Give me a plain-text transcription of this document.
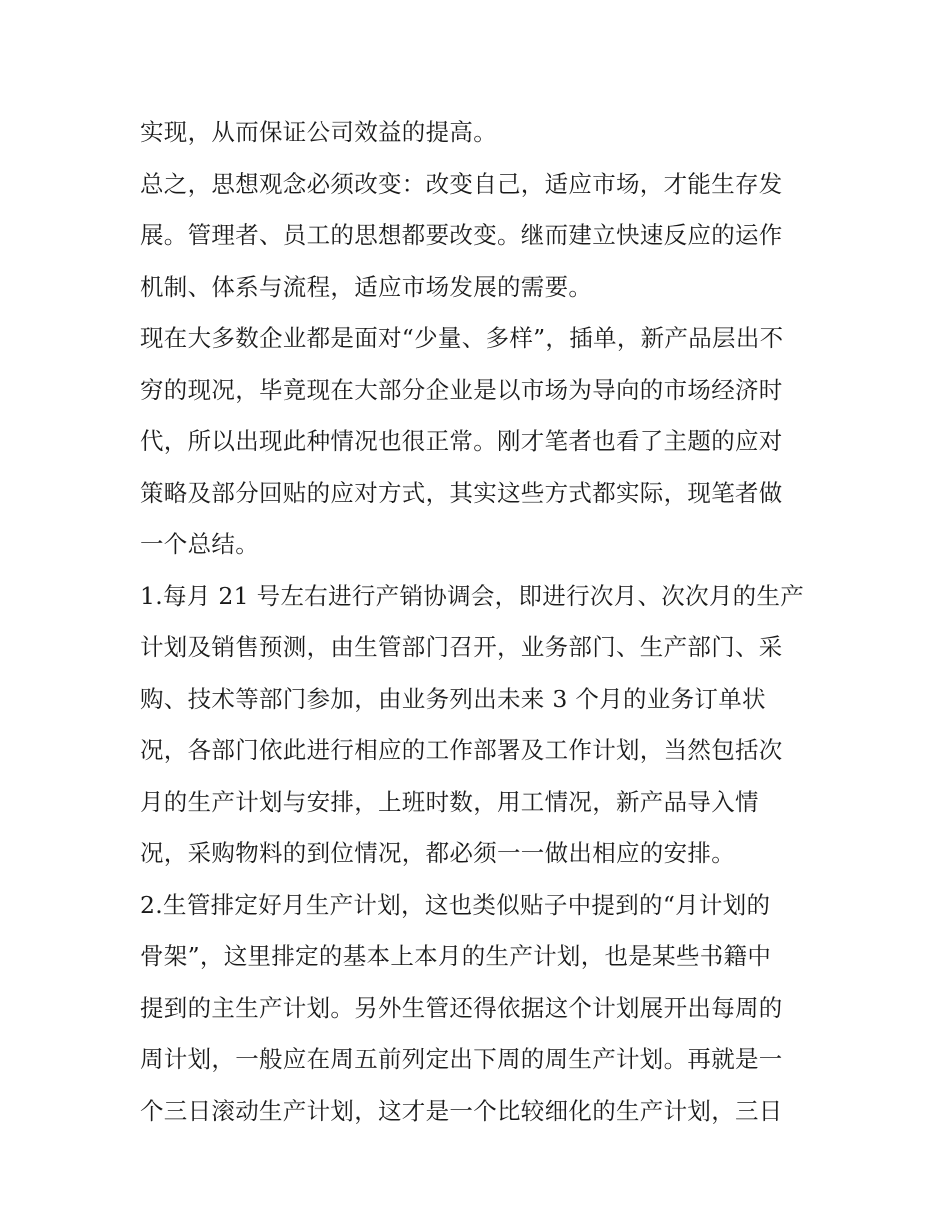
实现，从而保证公司效益的提高。
总之，思想观念必须改变：改变自己，适应市场，才能生存发
展。管理者、员工的思想都要改变。继而建立快速反应的运作
机制、体系与流程，适应市场发展的需要。
现在大多数企业都是面对“少量、多样”，插单，新产品层出不
穷的现况，毕竟现在大部分企业是以市场为导向的市场经济时
代，所以出现此种情况也很正常。刚才笔者也看了主题的应对
策略及部分回贴的应对方式，其实这些方式都实际，现笔者做
一个总结。
1.每月 21 号左右进行产销协调会，即进行次月、次次月的生产
计划及销售预测，由生管部门召开，业务部门、生产部门、采
购、技术等部门参加，由业务列出未来 3 个月的业务订单状
况，各部门依此进行相应的工作部署及工作计划，当然包括次
月的生产计划与安排，上班时数，用工情况，新产品导入情
况，采购物料的到位情况，都必须一一做出相应的安排。
2.生管排定好月生产计划，这也类似贴子中提到的“月计划的
骨架”，这里排定的基本上本月的生产计划，也是某些书籍中
提到的主生产计划。另外生管还得依据这个计划展开出每周的
周计划，一般应在周五前列定出下周的周生产计划。再就是一
个三日滚动生产计划，这才是一个比较细化的生产计划，三日
